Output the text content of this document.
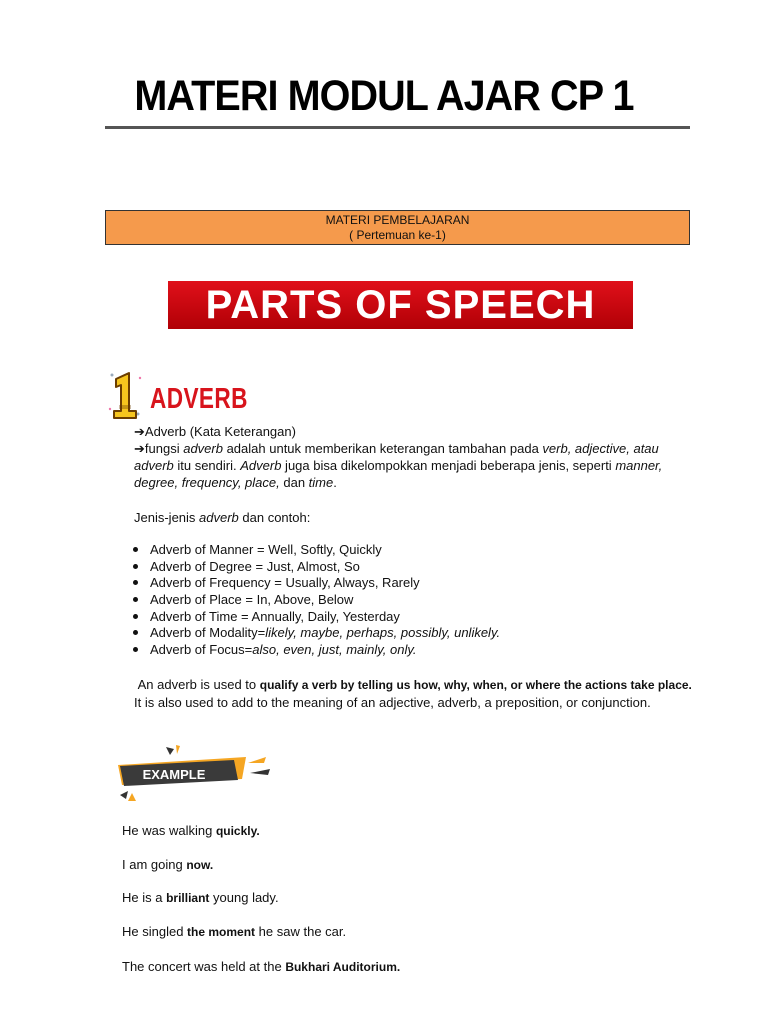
MATERI MODUL AJAR CP 1
MATERI PEMBELAJARAN
( Pertemuan ke-1)
PARTS OF SPEECH
1
ADVERB

➔Adverb (Kata Keterangan)

➔fungsi adverb adalah untuk memberikan keterangan tambahan pada verb, adjective, atau adverb itu sendiri. Adverb juga bisa dikelompokkan menjadi beberapa jenis, seperti manner, degree, frequency, place, dan time.

Jenis-jenis adverb dan contoh:
Adverb of Manner = Well, Softly, Quickly
Adverb of Degree = Just, Almost, So
Adverb of Frequency = Usually, Always, Rarely
Adverb of Place = In, Above, Below
Adverb of Time = Annually, Daily, Yesterday
Adverb of Modality=likely, maybe, perhaps, possibly, unlikely.
Adverb of Focus=also, even, just, mainly, only.

An adverb is used to qualify a verb by telling us how, why, when, or where the actions take place.

It is also used to add to the meaning of an adjective, adverb, a preposition, or conjunction.

EXAMPLE
He was walking quickly.
I am going now.
He is a brilliant young lady.
He singled the moment he saw the car.
The concert was held at the Bukhari Auditorium.
